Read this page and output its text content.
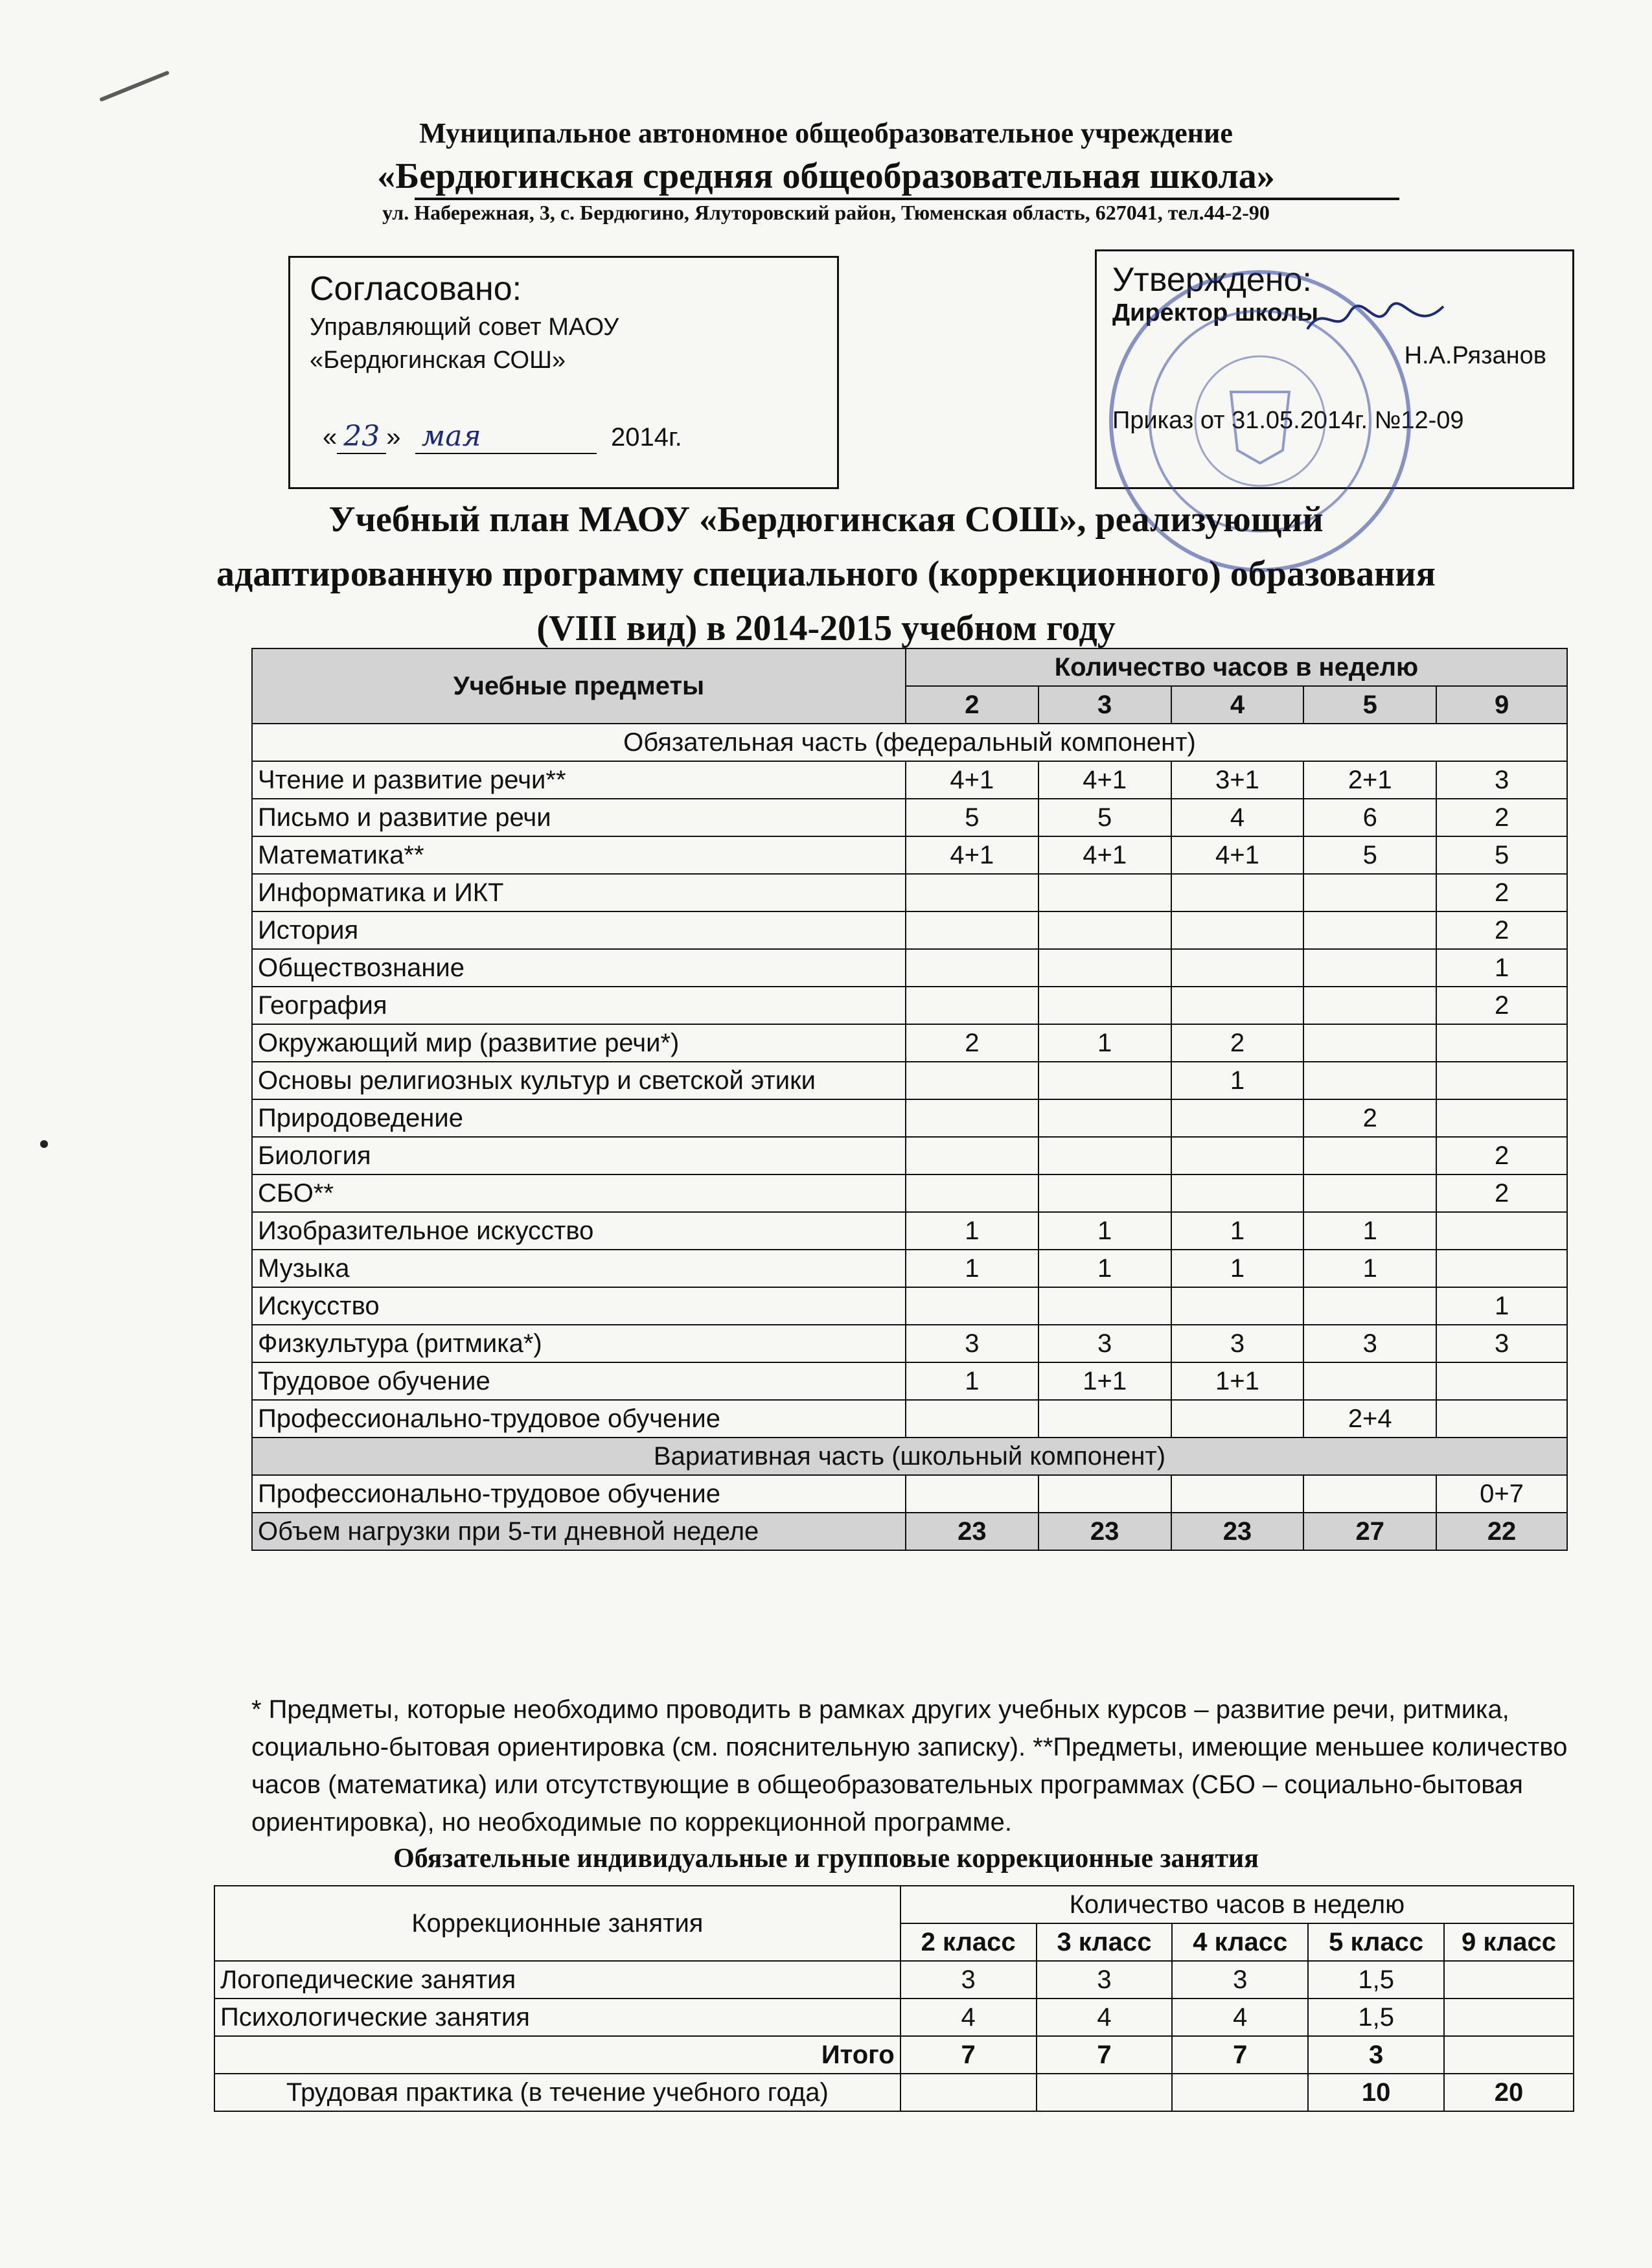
Муниципальное автономное общеобразовательное учреждение
«Бердюгинская средняя общеобразовательная школа»
ул. Набережная, 3, с. Бердюгино, Ялуторовский район, Тюменская область, 627041, тел.44-2-90
Согласовано:
Управляющий совет МАОУ
«Бердюгинская СОШ»
« 23 »  мая	2014г.
Утверждено:
Директор школы
Н.А.Рязанов
Приказ от 31.05.2014г. №12-09
Учебный план МАОУ «Бердюгинская СОШ», реализующий
адаптированную программу специального (коррекционного) образования
(VIII вид) в 2014-2015 учебном году
Учебные предметы	Количество часов в неделю				
	2	3	4	5	9
Обязательная часть (федеральный компонент)					
Чтение и развитие речи**	4+1	4+1	3+1	2+1	3
Письмо и развитие речи	5	5	4	6	2
Математика**	4+1	4+1	4+1	5	5
Информатика и ИКТ					2
История					2
Обществознание					1
География					2
Окружающий мир (развитие речи*)	2	1	2		
Основы религиозных культур и светской этики			1		
Природоведение				2	
Биология					2
СБО**					2
Изобразительное искусство	1	1	1	1	
Музыка	1	1	1	1	
Искусство					1
Физкультура (ритмика*)	3	3	3	3	3
Трудовое обучение	1	1+1	1+1		
Профессионально-трудовое обучение				2+4	
Вариативная часть (школьный компонент)					
Профессионально-трудовое обучение					0+7
Объем нагрузки при 5-ти дневной неделе	23	23	23	27	22
* Предметы, которые необходимо проводить в рамках других учебных курсов – развитие речи, ритмика, социально-бытовая ориентировка (см. пояснительную записку). **Предметы, имеющие меньшее количество часов (математика) или отсутствующие в общеобразовательных программах (СБО – социально-бытовая ориентировка), но необходимые по коррекционной программе.
Обязательные индивидуальные и групповые коррекционные занятия
Коррекционные занятия	Количество часов в неделю				
	2 класс	3 класс	4 класс	5 класс	9 класс
Логопедические занятия	3	3	3	1,5	
Психологические занятия	4	4	4	1,5	
Итого	7	7	7	3	
Трудовая практика (в течение учебного года)				10	20
